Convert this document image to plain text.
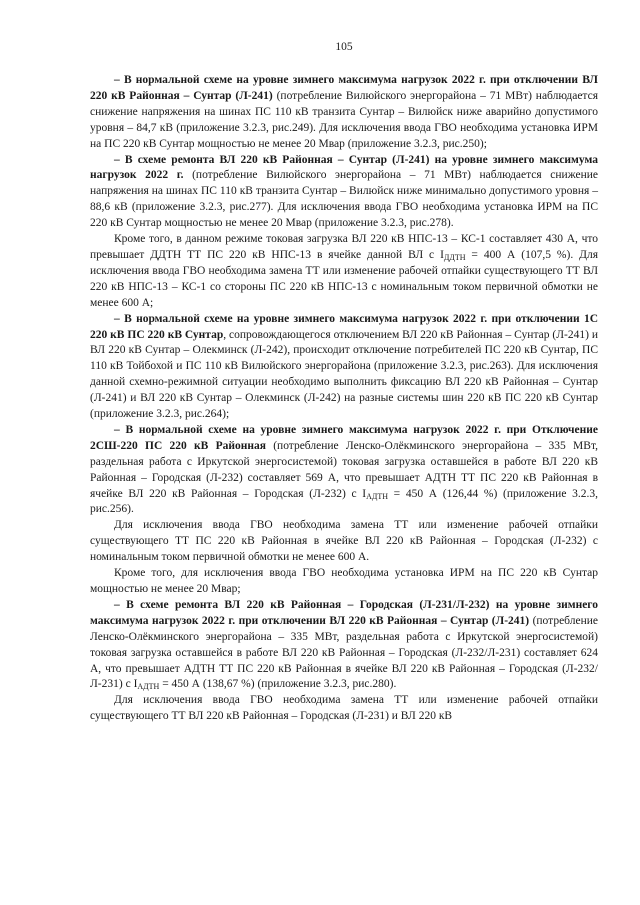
105

– В нормальной схеме на уровне зимнего максимума нагрузок 2022 г. при отключении ВЛ 220 кВ Районная – Сунтар (Л-241) (потребление Вилюйского энергорайона – 71 МВт) наблюдается снижение напряжения на шинах ПС 110 кВ транзита Сунтар – Вилюйск ниже аварийно допустимого уровня – 84,7 кВ (приложение 3.2.3, рис.249). Для исключения ввода ГВО необходима установка ИРМ на ПС 220 кВ Сунтар мощностью не менее 20 Мвар (приложение 3.2.3, рис.250);

– В схеме ремонта ВЛ 220 кВ Районная – Сунтар (Л-241) на уровне зимнего максимума нагрузок 2022 г. (потребление Вилюйского энергорайона – 71 МВт) наблюдается снижение напряжения на шинах ПС 110 кВ транзита Сунтар – Вилюйск ниже минимально допустимого уровня – 88,6 кВ (приложение 3.2.3, рис.277). Для исключения ввода ГВО необходима установка ИРМ на ПС 220 кВ Сунтар мощностью не менее 20 Мвар (приложение 3.2.3, рис.278).

Кроме того, в данном режиме токовая загрузка ВЛ 220 кВ НПС-13 – КС-1 составляет 430 А, что превышает ДДТН ТТ ПС 220 кВ НПС-13 в ячейке данной ВЛ с $I_{ДДТН} = 400$ А (107,5 %). Для исключения ввода ГВО необходима замена ТТ или изменение рабочей отпайки существующего ТТ ВЛ 220 кВ НПС-13 – КС-1 со стороны ПС 220 кВ НПС-13 с номинальным током первичной обмотки не менее 600 А;

– В нормальной схеме на уровне зимнего максимума нагрузок 2022 г. при отключении 1С 220 кВ ПС 220 кВ Сунтар, сопровождающегося отключением ВЛ 220 кВ Районная – Сунтар (Л-241) и ВЛ 220 кВ Сунтар – Олекминск (Л-242), происходит отключение потребителей ПС 220 кВ Сунтар, ПС 110 кВ Тойбохой и ПС 110 кВ Вилюйского энергорайона (приложение 3.2.3, рис.263). Для исключения данной схемно-режимной ситуации необходимо выполнить фиксацию ВЛ 220 кВ Районная – Сунтар (Л-241) и ВЛ 220 кВ Сунтар – Олекминск (Л-242) на разные системы шин 220 кВ ПС 220 кВ Сунтар (приложение 3.2.3, рис.264);

– В нормальной схеме на уровне зимнего максимума нагрузок 2022 г. при Отключение 2СШ-220 ПС 220 кВ Районная (потребление Ленско-Олёкминского энергорайона – 335 МВт, раздельная работа с Иркутской энергосистемой) токовая загрузка оставшейся в работе ВЛ 220 кВ Районная – Городская (Л-232) составляет 569 А, что превышает АДТН ТТ ПС 220 кВ Районная в ячейке ВЛ 220 кВ Районная – Городская (Л-232) с $I_{АДТН} = 450$ А (126,44 %) (приложение 3.2.3, рис.256).

Для исключения ввода ГВО необходима замена ТТ или изменение рабочей отпайки существующего ТТ ПС 220 кВ Районная в ячейке ВЛ 220 кВ Районная – Городская (Л-232) с номинальным током первичной обмотки не менее 600 А.

Кроме того, для исключения ввода ГВО необходима установка ИРМ на ПС 220 кВ Сунтар мощностью не менее 20 Мвар;

– В схеме ремонта ВЛ 220 кВ Районная – Городская (Л-231/Л-232) на уровне зимнего максимума нагрузок 2022 г. при отключении ВЛ 220 кВ Районная – Сунтар (Л-241) (потребление Ленско-Олёкминского энергорайона – 335 МВт, раздельная работа с Иркутской энергосистемой) токовая загрузка оставшейся в работе ВЛ 220 кВ Районная – Городская (Л-232/Л-231) составляет 624 А, что превышает АДТН ТТ ПС 220 кВ Районная в ячейке ВЛ 220 кВ Районная – Городская (Л-232/Л-231) с $I_{АДТН} = 450$ А (138,67 %) (приложение 3.2.3, рис.280).

Для исключения ввода ГВО необходима замена ТТ или изменение рабочей отпайки существующего ТТ ВЛ 220 кВ Районная – Городская (Л-231) и ВЛ 220 кВ
